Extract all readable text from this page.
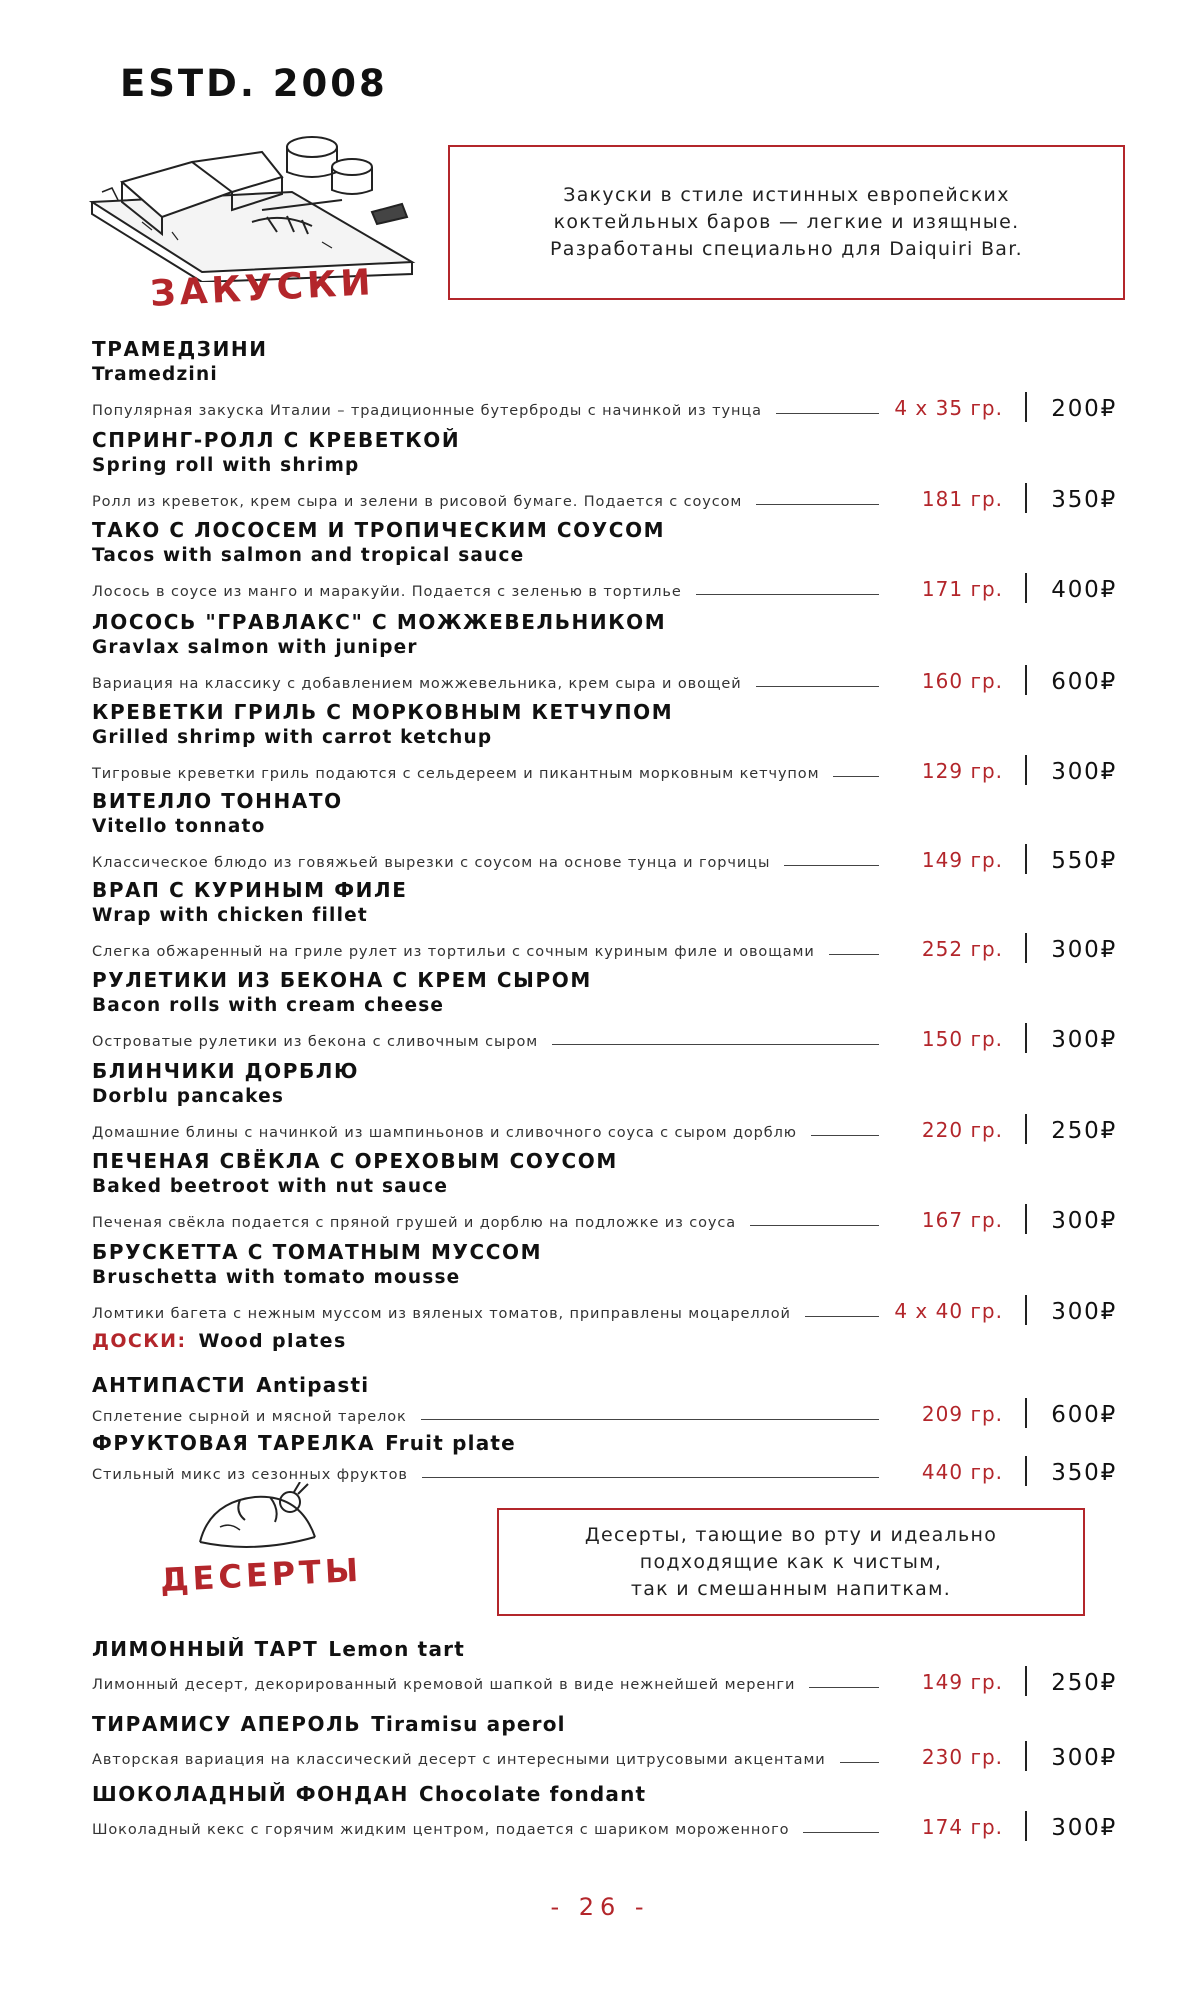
ESTD. 2008
ЗАКУСКИ

Закуски в стиле истинных европейских
коктейльных баров — легкие и изящные.
Разработаны специально для Daiquiri Bar.

ТРАМЕДЗИНИ
Tramedzini
Популярная закуска Италии – традиционные бутерброды с начинкой из тунца	4 x 35 гр. 200₽
СПРИНГ-РОЛЛ С КРЕВЕТКОЙ
Spring roll with shrimp
Ролл из креветок, крем сыра и зелени в рисовой бумаге. Подается с соусом	181 гр. 350₽
ТАКО С ЛОСОСЕМ И ТРОПИЧЕСКИМ СОУСОМ
Tacos with salmon and tropical sauce
Лосось в соусе из манго и маракуйи. Подается с зеленью в тортилье	171 гр. 400₽
ЛОСОСЬ "ГРАВЛАКС" С МОЖЖЕВЕЛЬНИКОМ
Gravlax salmon with juniper
Вариация на классику с добавлением можжевельника, крем сыра и овощей	160 гр. 600₽
КРЕВЕТКИ ГРИЛЬ С МОРКОВНЫМ КЕТЧУПОМ
Grilled shrimp with carrot ketchup
Тигровые креветки гриль подаются с сельдереем и пикантным морковным кетчупом	129 гр. 300₽
ВИТЕЛЛО ТОННАТО
Vitello tonnato
Классическое блюдо из говяжьей вырезки с соусом на основе тунца и горчицы	149 гр. 550₽
ВРАП С КУРИНЫМ ФИЛЕ
Wrap with chicken fillet
Слегка обжаренный на гриле рулет из тортильи с сочным куриным филе и овощами	252 гр. 300₽
РУЛЕТИКИ ИЗ БЕКОНА С КРЕМ СЫРОМ
Bacon rolls with cream cheese
Островатые рулетики из бекона с сливочным сыром	150 гр. 300₽
БЛИНЧИКИ ДОРБЛЮ
Dorblu pancakes
Домашние блины с начинкой из шампиньонов и сливочного соуса с сыром дорблю	220 гр. 250₽
ПЕЧЕНАЯ СВЁКЛА С ОРЕХОВЫМ СОУСОМ
Baked beetroot with nut sauce
Печеная свёкла подается с пряной грушей и дорблю на подложке из соуса	167 гр. 300₽
БРУСКЕТТА С ТОМАТНЫМ МУССОМ
Bruschetta with tomato mousse
Ломтики багета с нежным муссом из вяленых томатов, приправлены моцареллой	4 x 40 гр. 300₽
ДОСКИ: Wood plates
АНТИПАСТИ Antipasti
Сплетение сырной и мясной тарелок	209 гр. 600₽
ФРУКТОВАЯ ТАРЕЛКА Fruit plate
Стильный микс из сезонных фруктов	440 гр. 350₽
ДЕСЕРТЫ

Десерты, тающие во рту и идеально
подходящие как к чистым,
так и смешанным напиткам.

ЛИМОННЫЙ ТАРТ Lemon tart
Лимонный десерт, декорированный кремовой шапкой в виде нежнейшей меренги	149 гр. 250₽
ТИРАМИСУ АПЕРОЛЬ Tiramisu aperol
Авторская вариация на классический десерт с интересными цитрусовыми акцентами	230 гр. 300₽
ШОКОЛАДНЫЙ ФОНДАН Chocolate fondant
Шоколадный кекс с горячим жидким центром, подается с шариком мороженного	174 гр. 300₽
- 26 -
